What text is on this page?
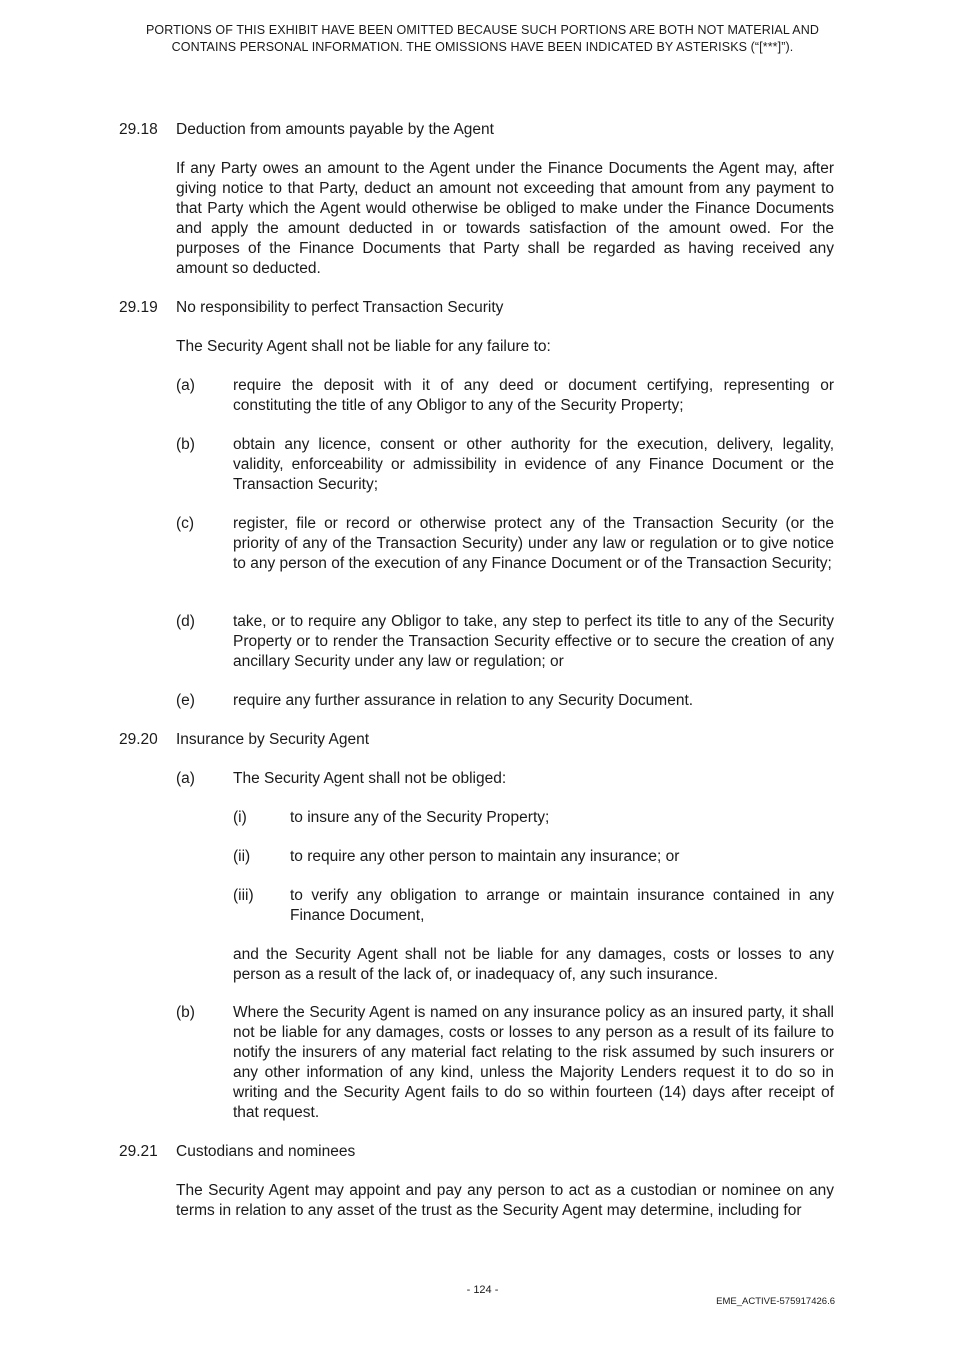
PORTIONS OF THIS EXHIBIT HAVE BEEN OMITTED BECAUSE SUCH PORTIONS ARE BOTH NOT MATERIAL AND
CONTAINS PERSONAL INFORMATION. THE OMISSIONS HAVE BEEN INDICATED BY ASTERISKS (“[***]”).
29.18 Deduction from amounts payable by the Agent
If any Party owes an amount to the Agent under the Finance Documents the Agent may, after giving notice to that Party, deduct an amount not exceeding that amount from any payment to that Party which the Agent would otherwise be obliged to make under the Finance Documents and apply the amount deducted in or towards satisfaction of the amount owed. For the purposes of the Finance Documents that Party shall be regarded as having received any amount so deducted.
29.19 No responsibility to perfect Transaction Security
The Security Agent shall not be liable for any failure to:
(a) require the deposit with it of any deed or document certifying, representing or constituting the title of any Obligor to any of the Security Property;
(b) obtain any licence, consent or other authority for the execution, delivery, legality, validity, enforceability or admissibility in evidence of any Finance Document or the Transaction Security;
(c)	register, file or record or otherwise protect any of the Transaction Security (or the priority of any of the Transaction Security) under any law or regulation or to give notice to any person of the execution of any Finance Document or of the Transaction Security;
(d) take, or to require any Obligor to take, any step to perfect its title to any of the Security Property or to render the Transaction Security effective or to secure the creation of any ancillary Security under any law or regulation; or
(e) require any further assurance in relation to any Security Document.
29.20 Insurance by Security Agent
(a) The Security Agent shall not be obliged:
(i)	to insure any of the Security Property;
(ii)	to require any other person to maintain any insurance; or
(iii) to verify any obligation to arrange or maintain insurance contained in any Finance Document,
and the Security Agent shall not be liable for any damages, costs or losses to any person as a result of the lack of, or inadequacy of, any such insurance.
(b) Where the Security Agent is named on any insurance policy as an insured party, it shall not be liable for any damages, costs or losses to any person as a result of its failure to notify the insurers of any material fact relating to the risk assumed by such insurers or any other information of any kind, unless the Majority Lenders request it to do so in writing and the Security Agent fails to do so within fourteen (14) days after receipt of that request.
29.21 Custodians and nominees
The Security Agent may appoint and pay any person to act as a custodian or nominee on any terms in relation to any asset of the trust as the Security Agent may determine, including for
- 124 -
EME_ACTIVE-575917426.6
